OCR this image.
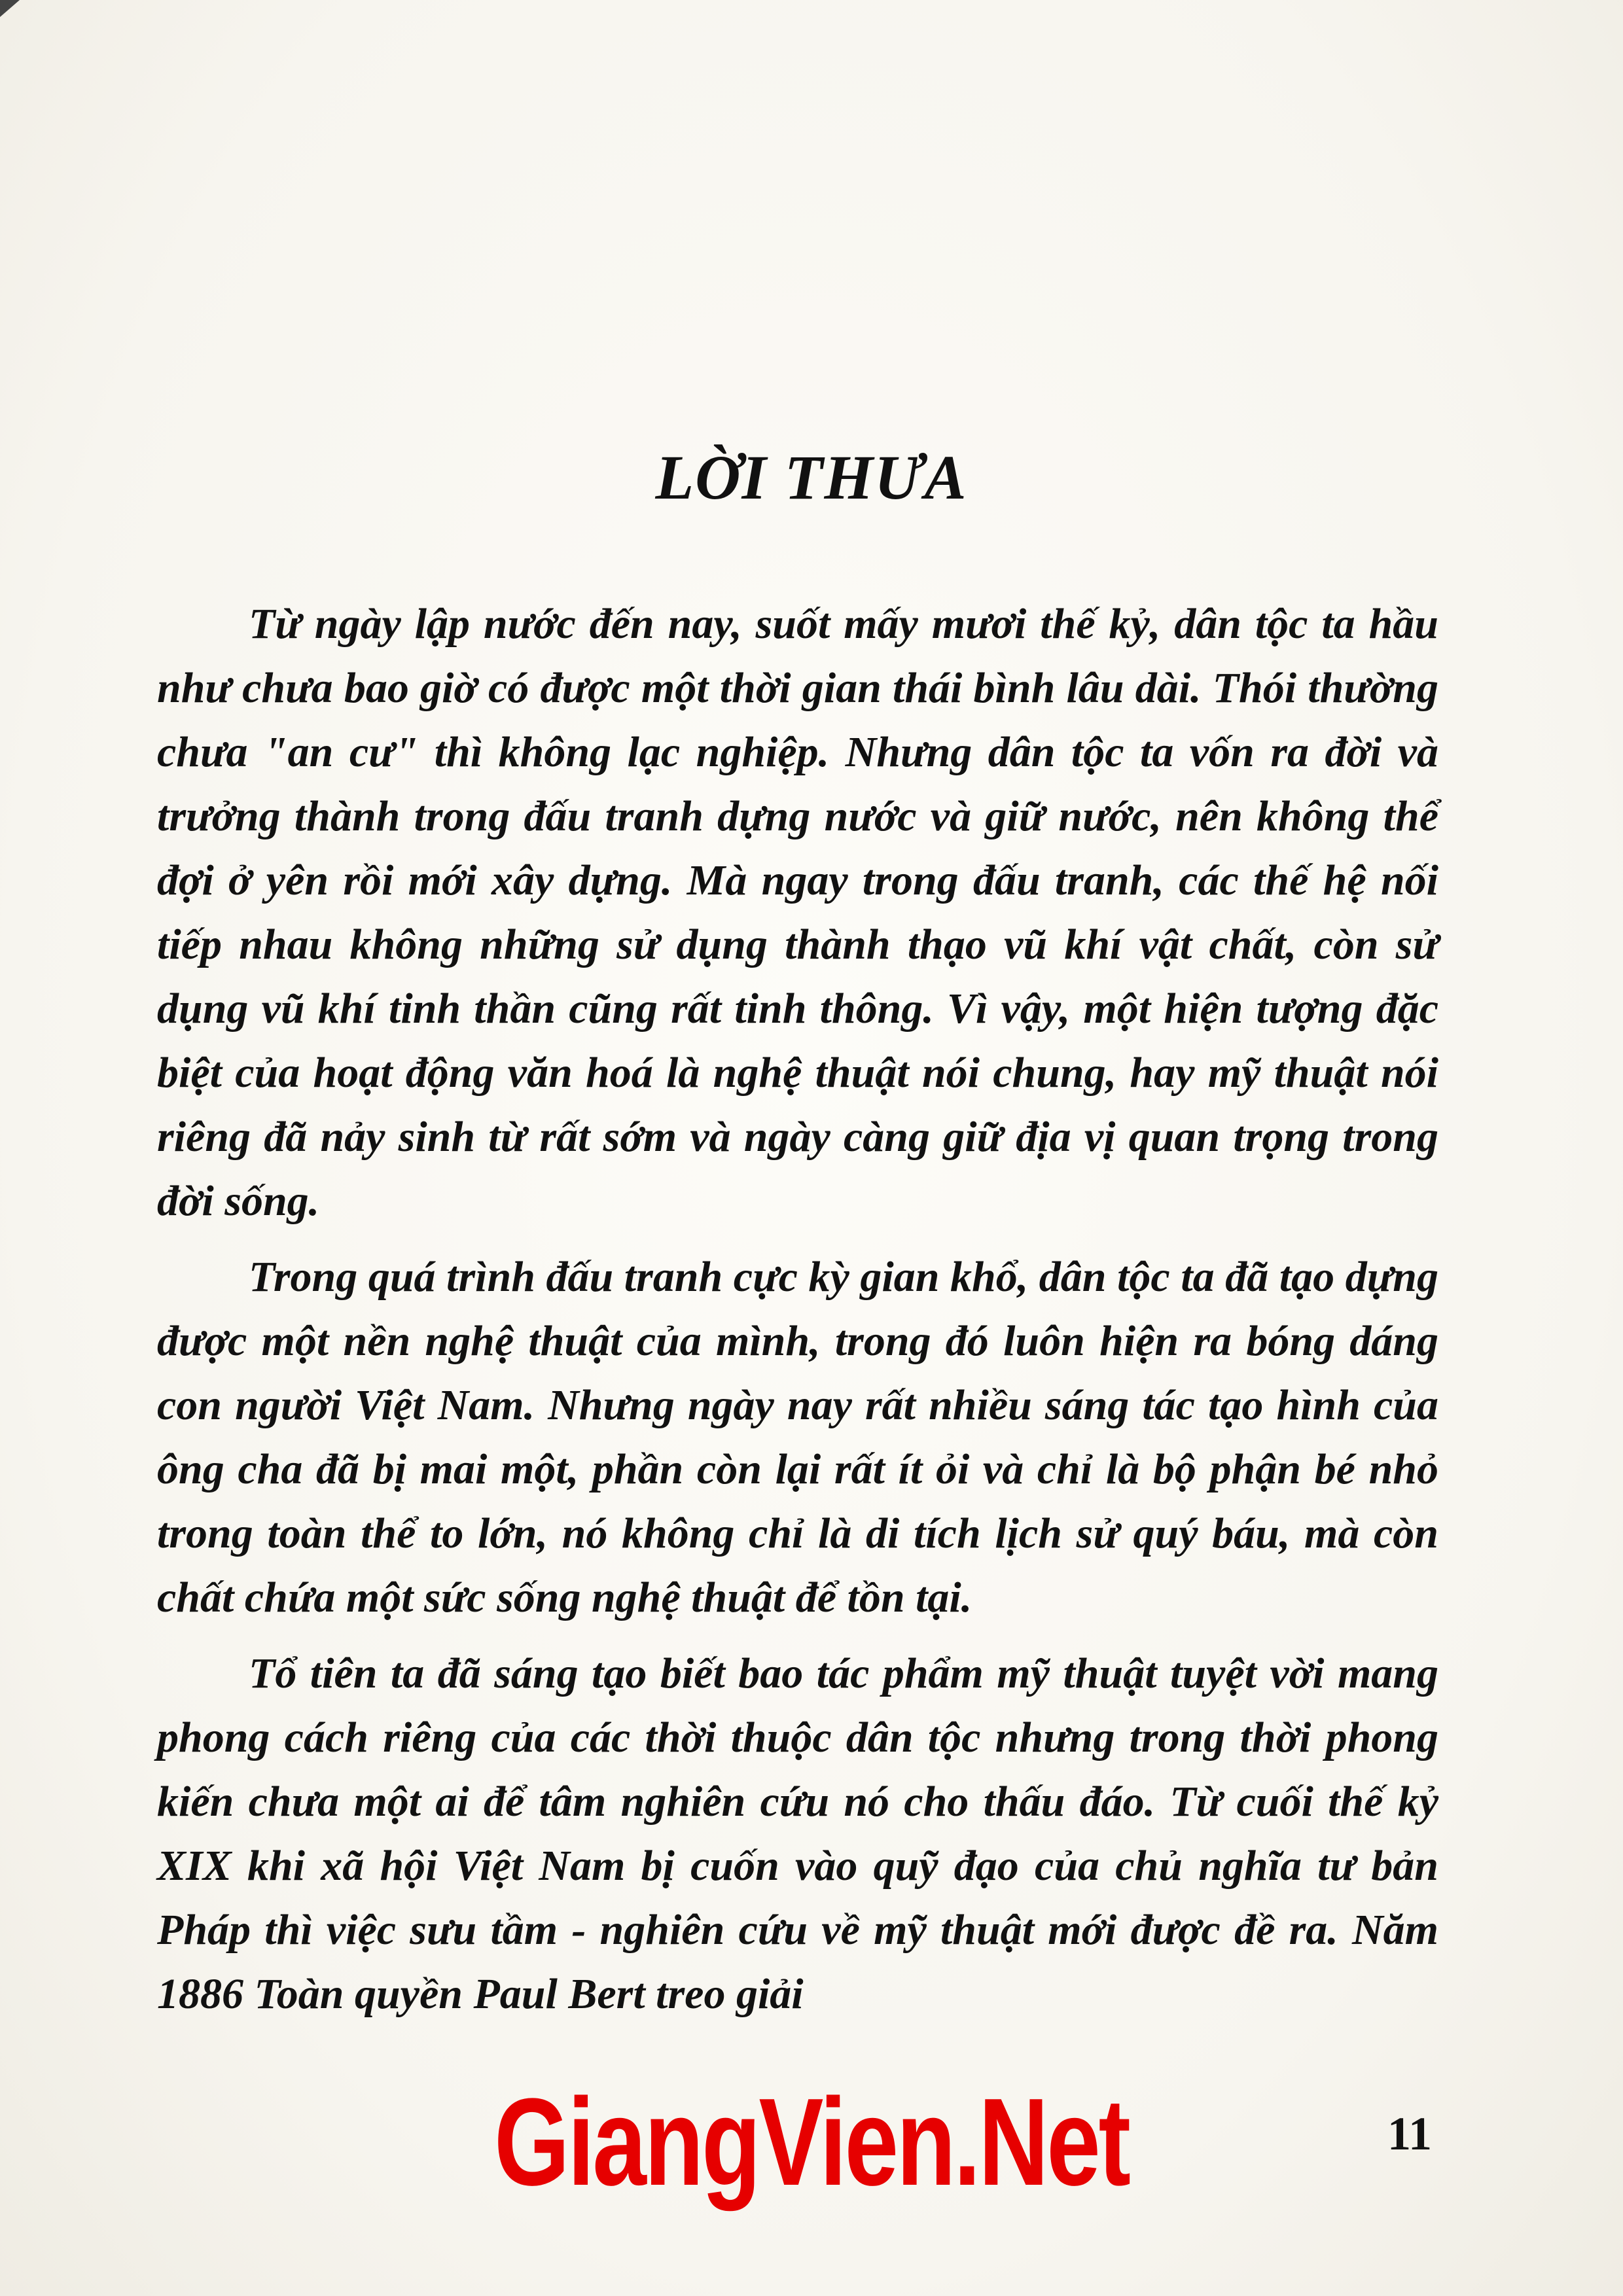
LỜI THƯA

Từ ngày lập nước đến nay, suốt mấy mươi thế kỷ, dân tộc ta hầu như chưa bao giờ có được một thời gian thái bình lâu dài. Thói thường chưa "an cư" thì không lạc nghiệp. Nhưng dân tộc ta vốn ra đời và trưởng thành trong đấu tranh dựng nước và giữ nước, nên không thể đợi ở yên rồi mới xây dựng. Mà ngay trong đấu tranh, các thế hệ nối tiếp nhau không những sử dụng thành thạo vũ khí vật chất, còn sử dụng vũ khí tinh thần cũng rất tinh thông. Vì vậy, một hiện tượng đặc biệt của hoạt động văn hoá là nghệ thuật nói chung, hay mỹ thuật nói riêng đã nảy sinh từ rất sớm và ngày càng giữ địa vị quan trọng trong đời sống.

Trong quá trình đấu tranh cực kỳ gian khổ, dân tộc ta đã tạo dựng được một nền nghệ thuật của mình, trong đó luôn hiện ra bóng dáng con người Việt Nam. Nhưng ngày nay rất nhiều sáng tác tạo hình của ông cha đã bị mai một, phần còn lại rất ít ỏi và chỉ là bộ phận bé nhỏ trong toàn thể to lớn, nó không chỉ là di tích lịch sử quý báu, mà còn chất chứa một sức sống nghệ thuật để tồn tại.

Tổ tiên ta đã sáng tạo biết bao tác phẩm mỹ thuật tuyệt vời mang phong cách riêng của các thời thuộc dân tộc nhưng trong thời phong kiến chưa một ai để tâm nghiên cứu nó cho thấu đáo. Từ cuối thế kỷ XIX khi xã hội Việt Nam bị cuốn vào quỹ đạo của chủ nghĩa tư bản Pháp thì việc sưu tầm - nghiên cứu về mỹ thuật mới được đề ra. Năm 1886 Toàn quyền Paul Bert treo giải

GiangVien.Net	11
